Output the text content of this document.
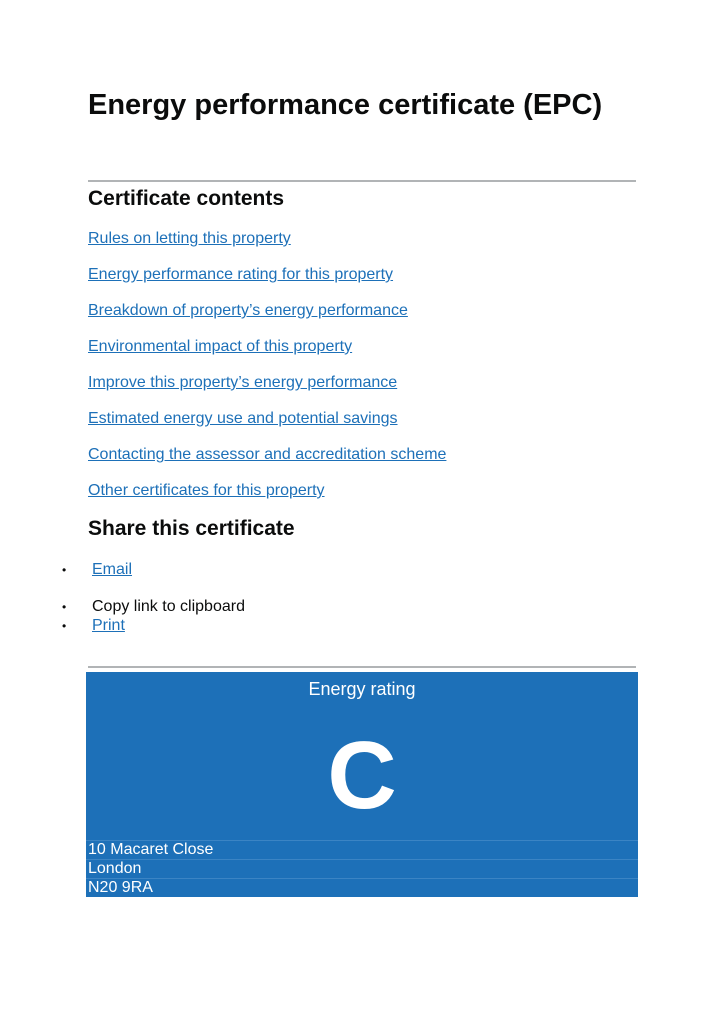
Energy performance certificate (EPC)
Certificate contents
Rules on letting this property
Energy performance rating for this property
Breakdown of property’s energy performance
Environmental impact of this property
Improve this property’s energy performance
Estimated energy use and potential savings
Contacting the assessor and accreditation scheme
Other certificates for this property
Share this certificate
• Email
• Copy link to clipboard
• Print
Energy rating
C
10 Macaret Close
London
N20 9RA
